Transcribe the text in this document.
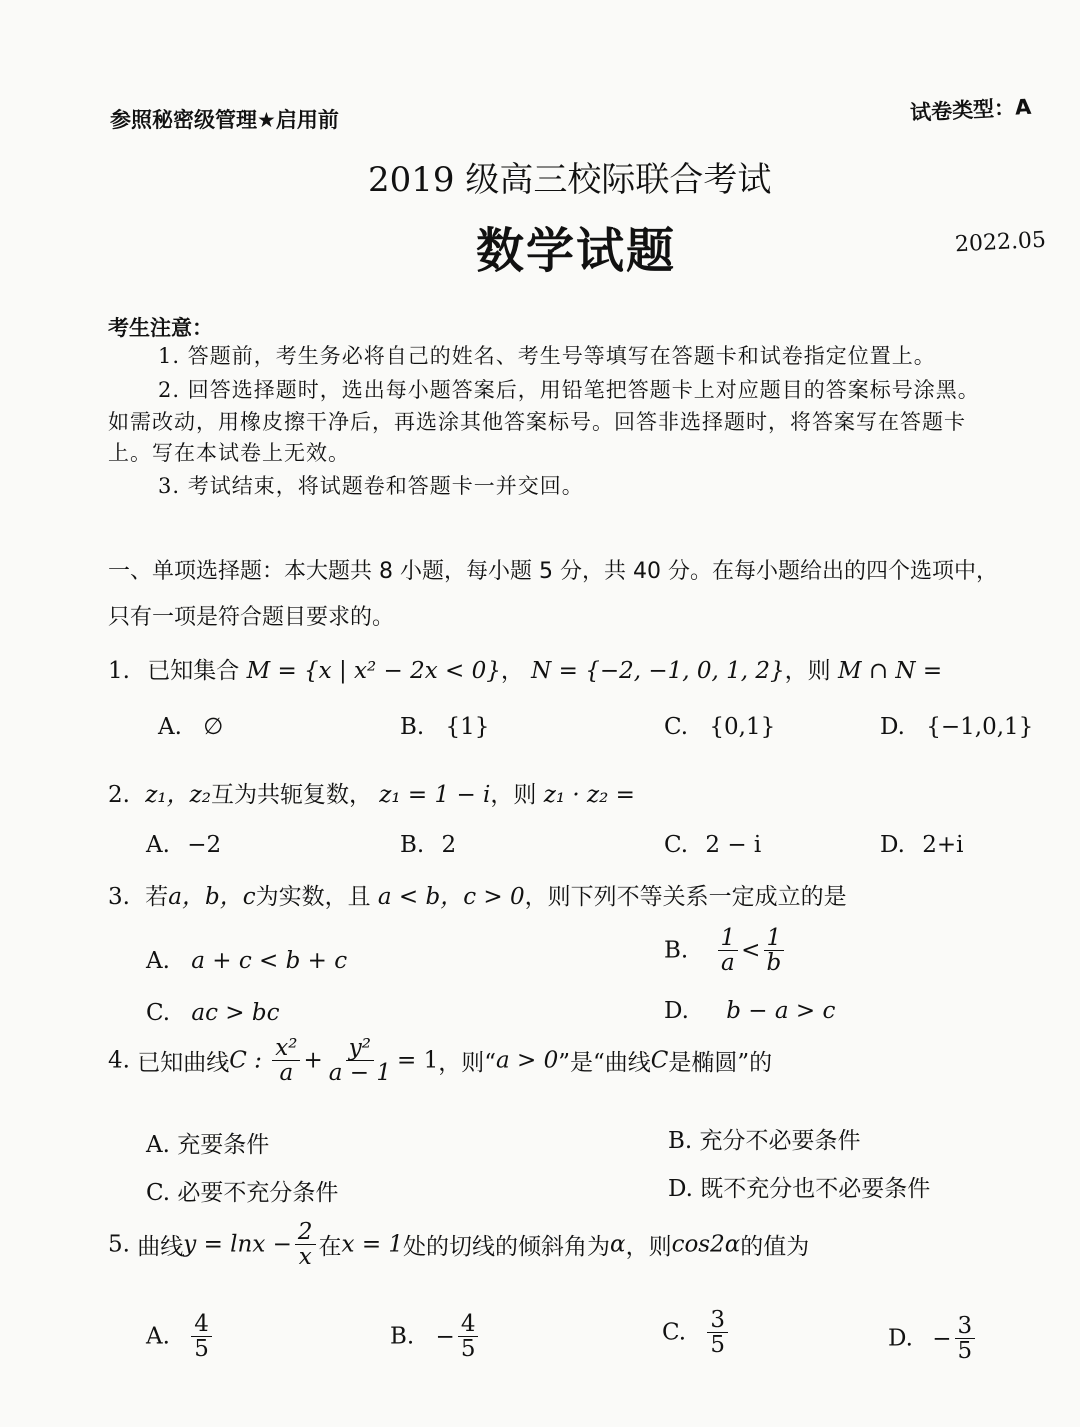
参照秘密级管理★启用前	试卷类型：A
2019 级高三校际联合考试
数学试题	2022.05
考生注意：
1. 答题前，考生务必将自己的姓名、考生号等填写在答题卡和试卷指定位置上。
2. 回答选择题时，选出每小题答案后，用铅笔把答题卡上对应题目的答案标号涂黑。
如需改动，用橡皮擦干净后，再选涂其他答案标号。回答非选择题时，将答案写在答题卡
上。写在本试卷上无效。
3. 考试结束，将试题卷和答题卡一并交回。
一、单项选择题：本大题共 8 小题，每小题 5 分，共 40 分。在每小题给出的四个选项中，
只有一项是符合题目要求的。
1. 已知集合 M = {x | x² − 2x < 0}， N = {−2, −1, 0, 1, 2}，则 M ∩ N =
A. ∅	B. {1}	C. {0,1}	D. {−1,0,1}
2. z₁，z₂互为共轭复数， z₁ = 1 − i，则 z₁ · z₂ =
A. −2	B. 2	C. 2 − i	D. 2+i
3. 若a，b，c为实数，且 a < b，c > 0，则下列不等关系一定成立的是
A. a + c < b + c	B. $\frac{1}{a} < \frac{1}{b}$
C. ac > bc	D. b − a > c
4. 已知曲线C : $\frac{\text{x²}}{a} + \frac{\text{y²}}{a - 1} = 1$，则“a > 0”是“曲线C是椭圆”的
A. 充要条件	B. 充分不必要条件
C. 必要不充分条件	D. 既不充分也不必要条件
5. 曲线$y = \ln x - \frac{2}{x}$ 在x = 1处的切线的倾斜角为α，则cos2α的值为
A. $\frac{4}{5}$	B. − $\frac{4}{5}$	C. $\frac{3}{5}$	D. − $\frac{3}{5}$
